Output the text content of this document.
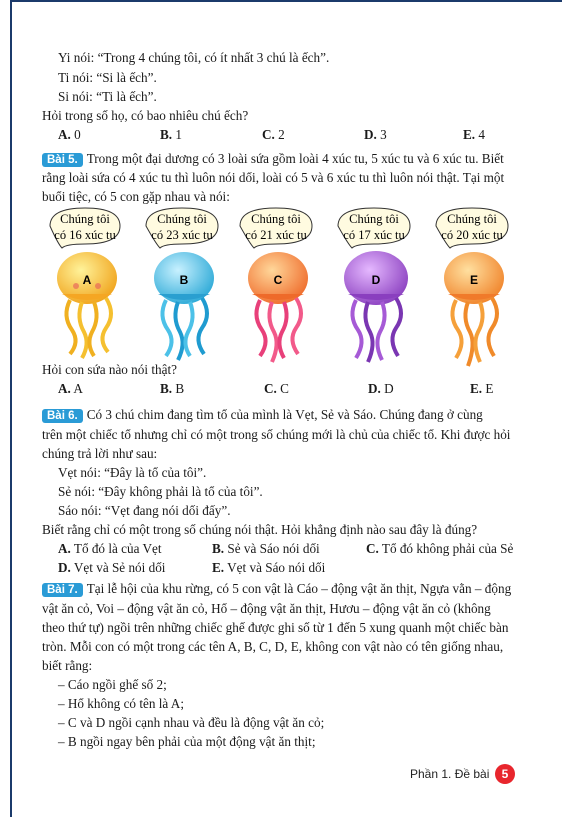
Yi nói: “Trong 4 chúng tôi, có ít nhất 3 chú là ếch”.
Ti nói: “Si là ếch”.
Si nói: “Ti là ếch”.
Hỏi trong số họ, có bao nhiêu chú ếch?
A. 0	B. 1	C. 2	D. 3	E. 4
Bài 5. Trong một đại dương có 3 loài sứa gồm loài 4 xúc tu, 5 xúc tu và 6 xúc tu. Biết
rằng loài sứa có 4 xúc tu thì luôn nói dối, loài có 5 và 6 xúc tu thì luôn nói thật. Tại một
buổi tiệc, có 5 con gặp nhau và nói:
Chúng tôi
có 16 xúc tu
A
Chúng tôi
có 23 xúc tu
B
Chúng tôi
có 21 xúc tu
C
Chúng tôi
có 17 xúc tu
D
Chúng tôi
có 20 xúc tu
E
Hỏi con sứa nào nói thật?
A. A	B. B	C. C	D. D	E. E
Bài 6. Có 3 chú chim đang tìm tổ của mình là Vẹt, Sẻ và Sáo. Chúng đang ở cùng
trên một chiếc tổ nhưng chỉ có một trong số chúng mới là chủ của chiếc tổ. Khi được hỏi
chúng trả lời như sau:
Vẹt nói: “Đây là tổ của tôi”.
Sẻ nói: “Đây không phải là tổ của tôi”.
Sáo nói: “Vẹt đang nói dối đấy”.
Biết rằng chỉ có một trong số chúng nói thật. Hỏi khẳng định nào sau đây là đúng?
A. Tổ đó là của Vẹt	B. Sẻ và Sáo nói dối	C. Tổ đó không phải của Sẻ
D. Vẹt và Sẻ nói dối	E. Vẹt và Sáo nói dối
Bài 7. Tại lễ hội của khu rừng, có 5 con vật là Cáo – động vật ăn thịt, Ngựa vằn – động
vật ăn cỏ, Voi – động vật ăn cỏ, Hổ – động vật ăn thịt, Hươu – động vật ăn cỏ (không
theo thứ tự) ngồi trên những chiếc ghế được ghi số từ 1 đến 5 xung quanh một chiếc bàn
tròn. Mỗi con có một trong các tên A, B, C, D, E, không con vật nào có tên giống nhau,
biết rằng:
– Cáo ngồi ghế số 2;
– Hổ không có tên là A;
– C và D ngồi cạnh nhau và đều là động vật ăn cỏ;
– B ngồi ngay bên phải của một động vật ăn thịt;
Phần 1. Đề bài	5
